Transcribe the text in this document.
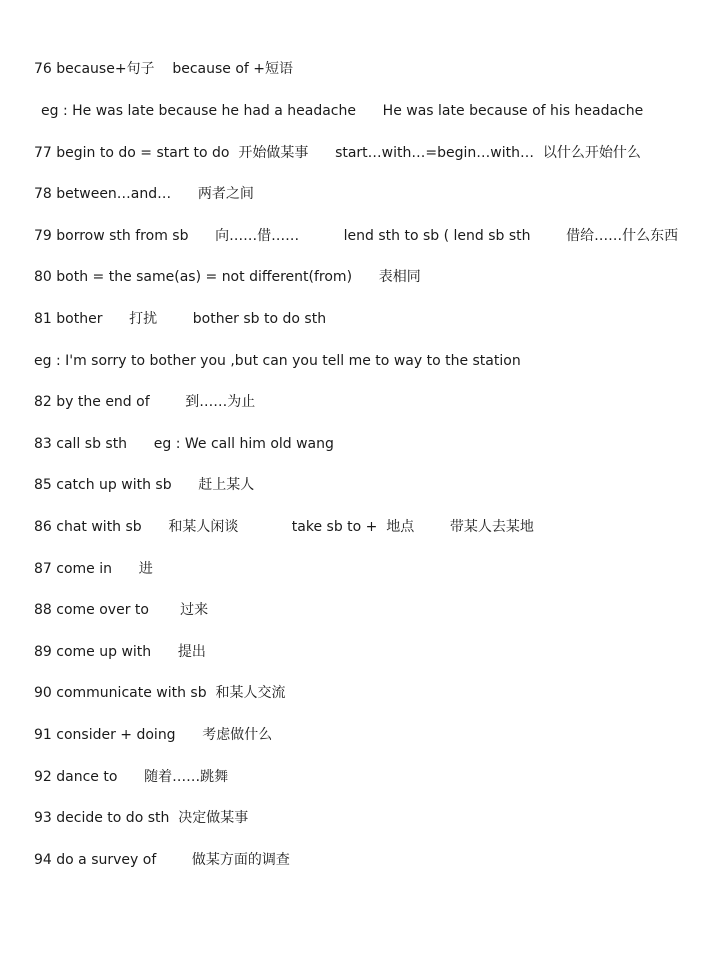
76 because+句子    because of +短语
eg : He was late because he had a headache      He was late because of his headache
77 begin to do = start to do  开始做某事      start…with…=begin…with…  以什么开始什么
78 between…and…      两者之间
79 borrow sth from sb      向……借……          lend sth to sb ( lend sb sth        借给……什么东西
80 both = the same(as) = not different(from)      表相同
81 bother      打扰        bother sb to do sth
eg : I'm sorry to bother you ,but can you tell me to way to the station
82 by the end of        到……为止
83 call sb sth      eg : We call him old wang
85 catch up with sb      赶上某人
86 chat with sb      和某人闲谈            take sb to +  地点        带某人去某地
87 come in      进
88 come over to       过来
89 come up with      提出
90 communicate with sb  和某人交流
91 consider + doing      考虑做什么
92 dance to      随着……跳舞
93 decide to do sth  决定做某事
94 do a survey of        做某方面的调查
